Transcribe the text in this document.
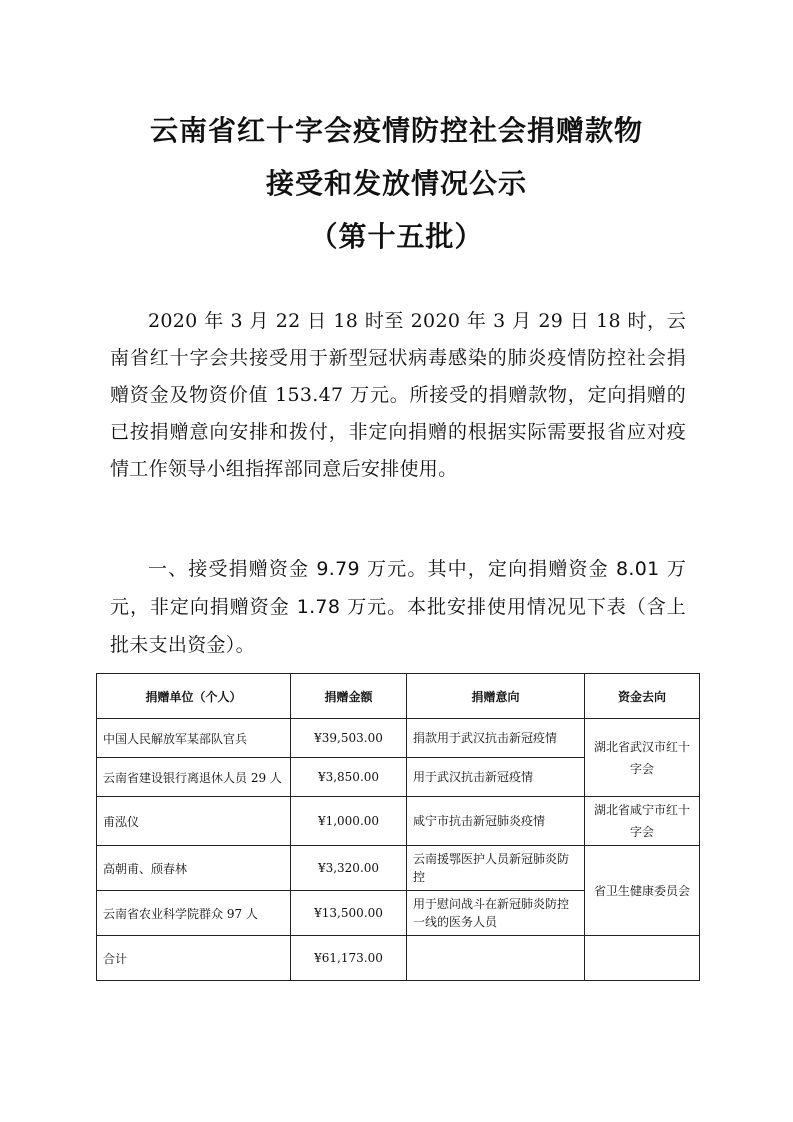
云南省红十字会疫情防控社会捐赠款物
接受和发放情况公示
（第十五批）
2020 年 3 月 22 日 18 时至 2020 年 3 月 29 日 18 时，云南省红十字会共接受用于新型冠状病毒感染的肺炎疫情防控社会捐赠资金及物资价值 153.47 万元。所接受的捐赠款物，定向捐赠的已按捐赠意向安排和拨付，非定向捐赠的根据实际需要报省应对疫情工作领导小组指挥部同意后安排使用。
一、接受捐赠资金 9.79 万元。其中，定向捐赠资金 8.01 万元，非定向捐赠资金 1.78 万元。本批安排使用情况见下表（含上批未支出资金）。
捐赠单位（个人）	捐赠金额	捐赠意向	资金去向
中国人民解放军某部队官兵	¥39,503.00	捐款用于武汉抗击新冠疫情	湖北省武汉市红十字会
云南省建设银行离退休人员 29 人	¥3,850.00	用于武汉抗击新冠疫情	
甫泓仪	¥1,000.00	咸宁市抗击新冠肺炎疫情	湖北省咸宁市红十字会
高朝甫、颀春林	¥3,320.00	云南援鄂医护人员新冠肺炎防控	省卫生健康委员会
云南省农业科学院群众 97 人	¥13,500.00	用于慰问战斗在新冠肺炎防控一线的医务人员	
合计	¥61,173.00		
